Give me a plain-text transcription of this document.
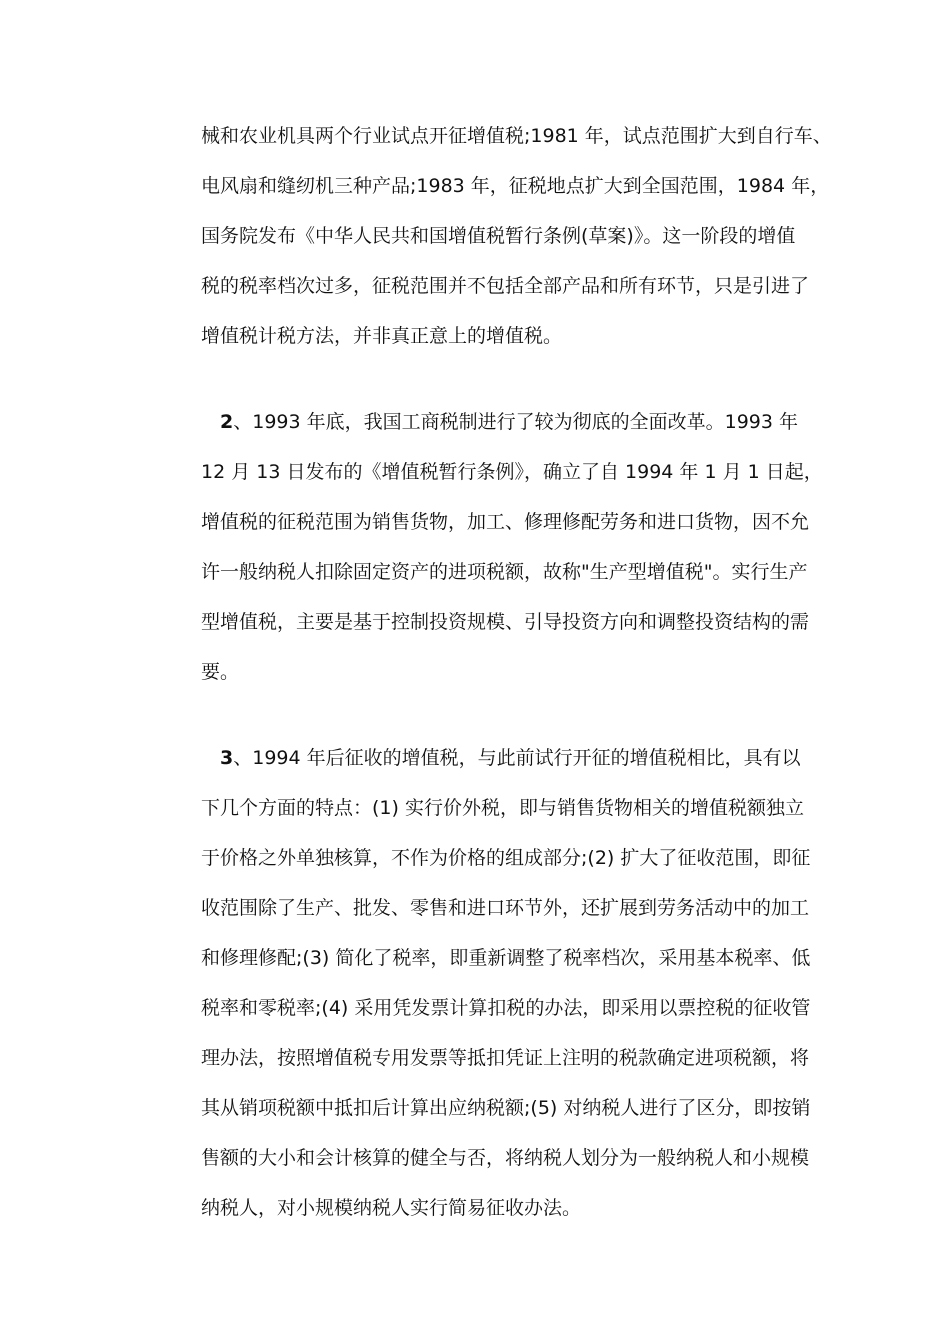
械和农业机具两个行业试点开征增值税;1981 年，试点范围扩大到自行车、
电风扇和缝纫机三种产品;1983 年，征税地点扩大到全国范围，1984 年，
国务院发布《中华人民共和国增值税暂行条例(草案)》。这一阶段的增值
税的税率档次过多，征税范围并不包括全部产品和所有环节，只是引进了
增值税计税方法，并非真正意上的增值税。
2、1993 年底，我国工商税制进行了较为彻底的全面改革。1993 年
12 月 13 日发布的《增值税暂行条例》，确立了自 1994 年 1 月 1 日起，
增值税的征税范围为销售货物，加工、修理修配劳务和进口货物，因不允
许一般纳税人扣除固定资产的进项税额，故称"生产型增值税"。实行生产
型增值税，主要是基于控制投资规模、引导投资方向和调整投资结构的需
要。
3、1994 年后征收的增值税，与此前试行开征的增值税相比，具有以
下几个方面的特点：(1) 实行价外税，即与销售货物相关的增值税额独立
于价格之外单独核算，不作为价格的组成部分;(2) 扩大了征收范围，即征
收范围除了生产、批发、零售和进口环节外，还扩展到劳务活动中的加工
和修理修配;(3) 简化了税率，即重新调整了税率档次，采用基本税率、低
税率和零税率;(4) 采用凭发票计算扣税的办法，即采用以票控税的征收管
理办法，按照增值税专用发票等抵扣凭证上注明的税款确定进项税额，将
其从销项税额中抵扣后计算出应纳税额;(5) 对纳税人进行了区分，即按销
售额的大小和会计核算的健全与否，将纳税人划分为一般纳税人和小规模
纳税人，对小规模纳税人实行简易征收办法。
